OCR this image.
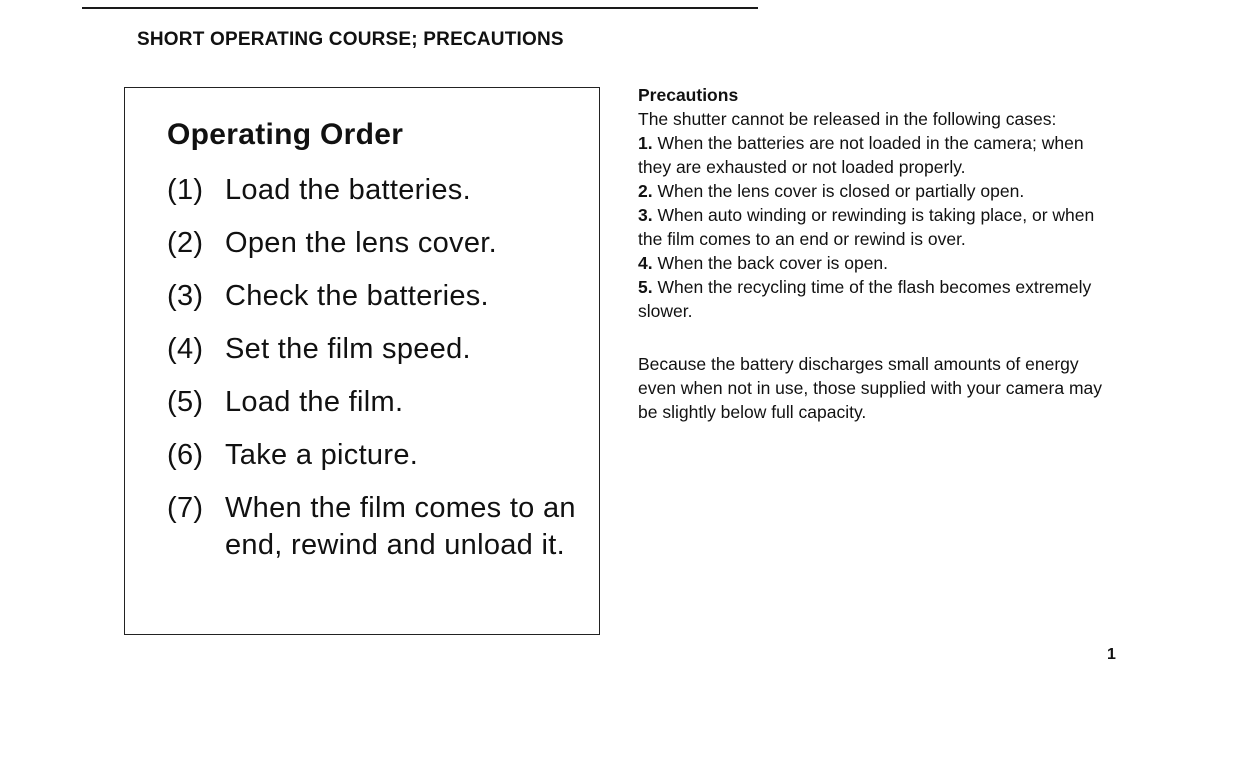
SHORT OPERATING COURSE; PRECAUTIONS
Operating Order
(1) Load the batteries.
(2) Open the lens cover.
(3) Check the batteries.
(4) Set the film speed.
(5) Load the film.
(6) Take a picture.
(7) When the film comes to an end, rewind and unload it.

Precautions

The shutter cannot be released in the following cases:

1. When the batteries are not loaded in the camera; when they are exhausted or not loaded properly.
2. When the lens cover is closed or partially open.
3. When auto winding or rewinding is taking place, or when the film comes to an end or rewind is over.
4. When the back cover is open.
5. When the recycling time of the flash becomes extremely slower.

Because the battery discharges small amounts of energy even when not in use, those supplied with your camera may be slightly below full capacity.

1
